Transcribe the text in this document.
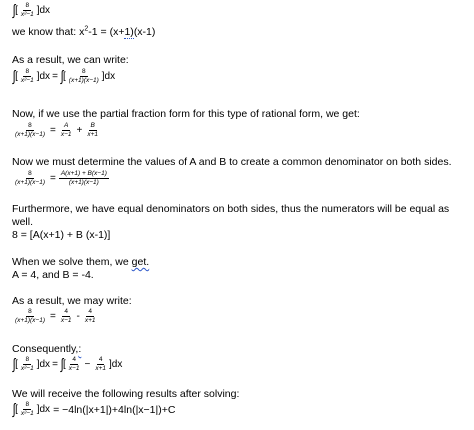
∫ [ $\frac{8}{\text{x²−1}} ]dx$
we know that: $x^2-1 = (x+1)(x-1)$
As a result, we can write:
∫ [ $\frac{8}{\text{x²−1}} ]dx$ = ∫ [ $\frac{8}{(x+1)(x-1)} ]dx$
Now, if we use the partial fraction form for this type of rational form, we get:
$\frac{8}{(x+1)(x-1)} = \frac{A}{x-1} + \frac{B}{x+1}$
Now we must determine the values of A and B to create a common denominator on both sides.
$\frac{8}{(x+1)(x-1)} = \frac{A(x+1) + B(x-1)}{(x+1)(x-1)}$
Furthermore, we have equal denominators on both sides, thus the numerators will be equal as
well.
8 = [A(x+1) + B (x-1)]
When we solve them, we get.
A = 4, and B = -4.
As a result, we may write:
$\frac{8}{(x+1)(x-1)} = \frac{4}{x-1} - \frac{4}{x+1}$
Consequently,:
∫ [ $\frac{8}{\text{x²−1}} ]dx$ = ∫ [ $\frac{4}{x-1} - \frac{4}{x+1} ]dx$
We will receive the following results after solving:
∫ [ $\frac{8}{\text{x²−1}} ]dx = -4\ln(|x+1|)+4\ln(|x-1|)+C$
